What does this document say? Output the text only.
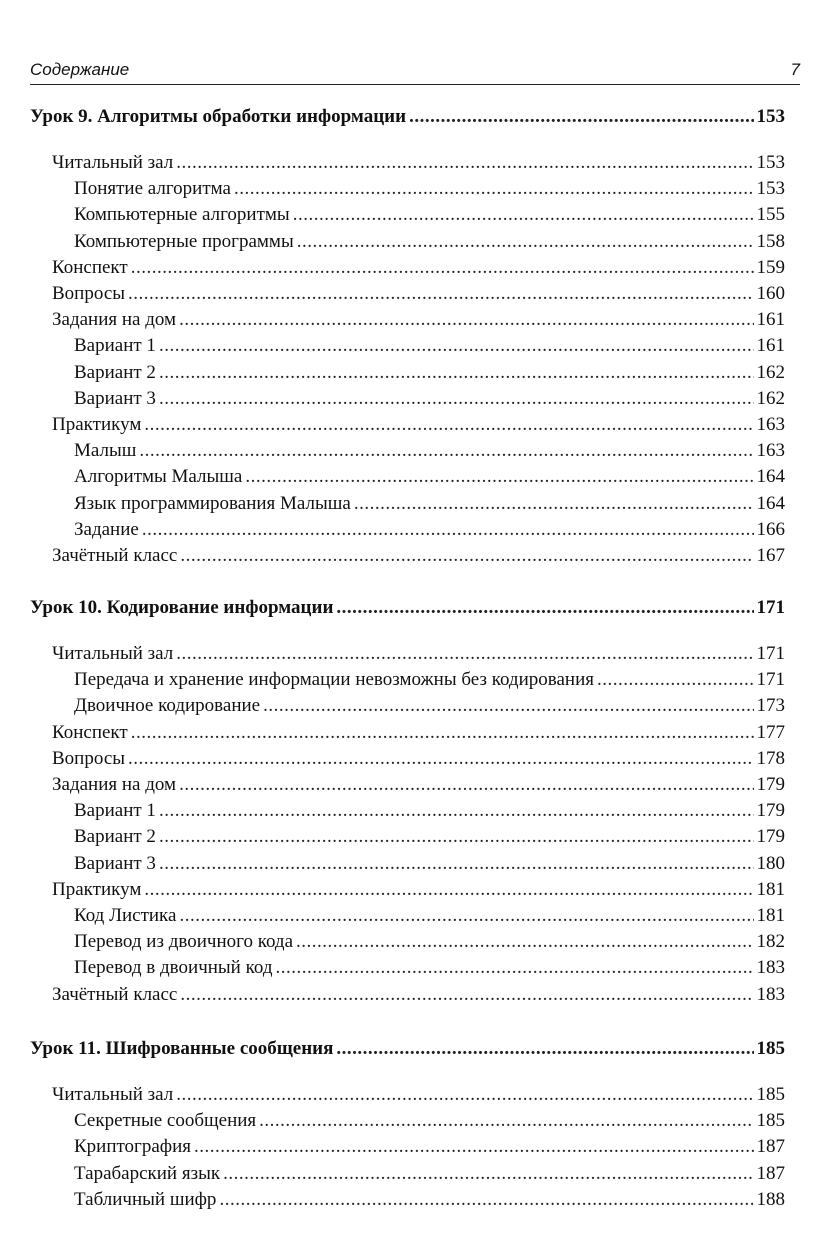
Содержание	7
Урок 9. Алгоритмы обработки информации .....	153
Читальный зал .....	153
Понятие алгоритма .....	153
Компьютерные алгоритмы .....	155
Компьютерные программы .....	158
Конспект .....	159
Вопросы .....	160
Задания на дом .....	161
Вариант 1 .....	161
Вариант 2 .....	162
Вариант 3 .....	162
Практикум .....	163
Малыш .....	163
Алгоритмы Малыша .....	164
Язык программирования Малыша .....	164
Задание .....	166
Зачётный класс .....	167
Урок 10. Кодирование информации .....	171
Читальный зал .....	171
Передача и хранение информации невозможны без кодирования .....	171
Двоичное кодирование .....	173
Конспект .....	177
Вопросы .....	178
Задания на дом .....	179
Вариант 1 .....	179
Вариант 2 .....	179
Вариант 3 .....	180
Практикум .....	181
Код Листика .....	181
Перевод из двоичного кода .....	182
Перевод в двоичный код .....	183
Зачётный класс .....	183
Урок 11. Шифрованные сообщения .....	185
Читальный зал .....	185
Секретные сообщения .....	185
Криптография .....	187
Тарабарский язык .....	187
Табличный шифр .....	188
